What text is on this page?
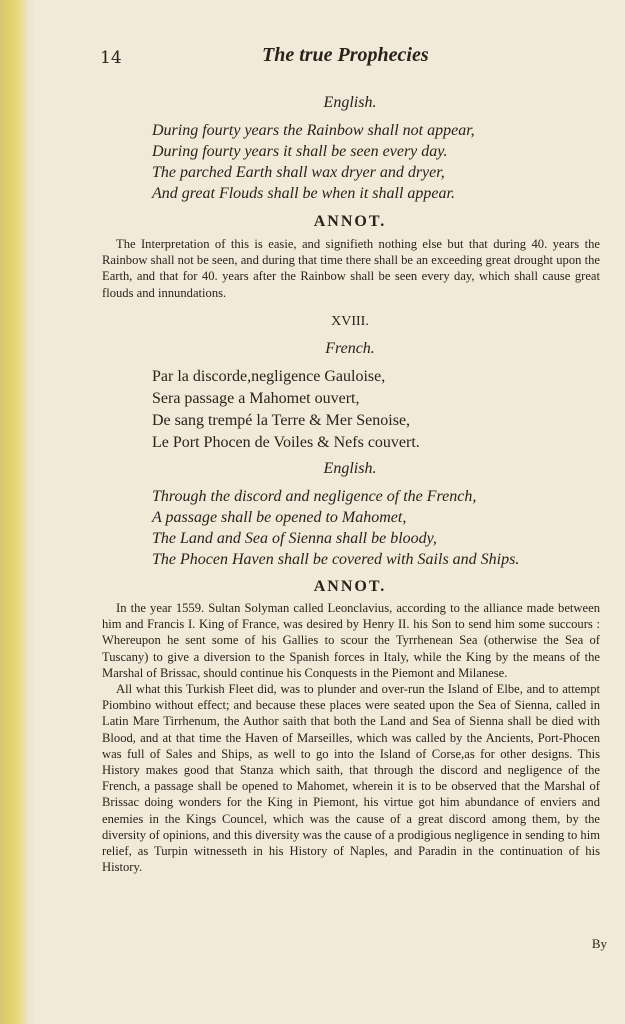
14	The true Prophecies
English.
During fourty years the Rainbow shall not appear,
During fourty years it shall be seen every day.
The parched Earth shall wax dryer and dryer,
And great Flouds shall be when it shall appear.
ANNOT.

The Interpretation of this is easie, and signifieth nothing else but that during 40. years the Rainbow shall not be seen, and during that time there shall be an exceeding great drought upon the Earth, and that for 40. years after the Rainbow shall be seen every day, which shall cause great flouds and innundations.

XVIII.
French.
Par la discorde,negligence Gauloise,
Sera passage a Mahomet ouvert,
De sang trempé la Terre & Mer Senoise,
Le Port Phocen de Voiles & Nefs couvert.
English.
Through the discord and negligence of the French,
A passage shall be opened to Mahomet,
The Land and Sea of Sienna shall be bloody,
The Phocen Haven shall be covered with Sails and Ships.
ANNOT.

In the year 1559. Sultan Solyman called Leonclavius, according to the alliance made between him and Francis I. King of France, was desired by Henry II. his Son to send him some succours : Whereupon he sent some of his Gallies to scour the Tyrrhenean Sea (otherwise the Sea of Tuscany) to give a diversion to the Spanish forces in Italy, while the King by the means of the Marshal of Brissac, should continue his Conquests in the Piemont and Milanese.

All what this Turkish Fleet did, was to plunder and over-run the Island of Elbe, and to attempt Piombino without effect; and because these places were seated upon the Sea of Sienna, called in Latin Mare Tirrhenum, the Author saith that both the Land and Sea of Sienna shall be died with Blood, and at that time the Haven of Marseilles, which was called by the Ancients, Port-Phocen was full of Sales and Ships, as well to go into the Island of Corse,as for other designs. This History makes good that Stanza which saith, that through the discord and negligence of the French, a passage shall be opened to Mahomet, wherein it is to be observed that the Marshal of Brissac doing wonders for the King in Piemont, his virtue got him abundance of enviers and enemies in the Kings Councel, which was the cause of a great discord among them, by the diversity of opinions, and this diversity was the cause of a prodigious negligence in sending to him relief, as Turpin witnesseth in his History of Naples, and Paradin in the continuation of his History.

By
